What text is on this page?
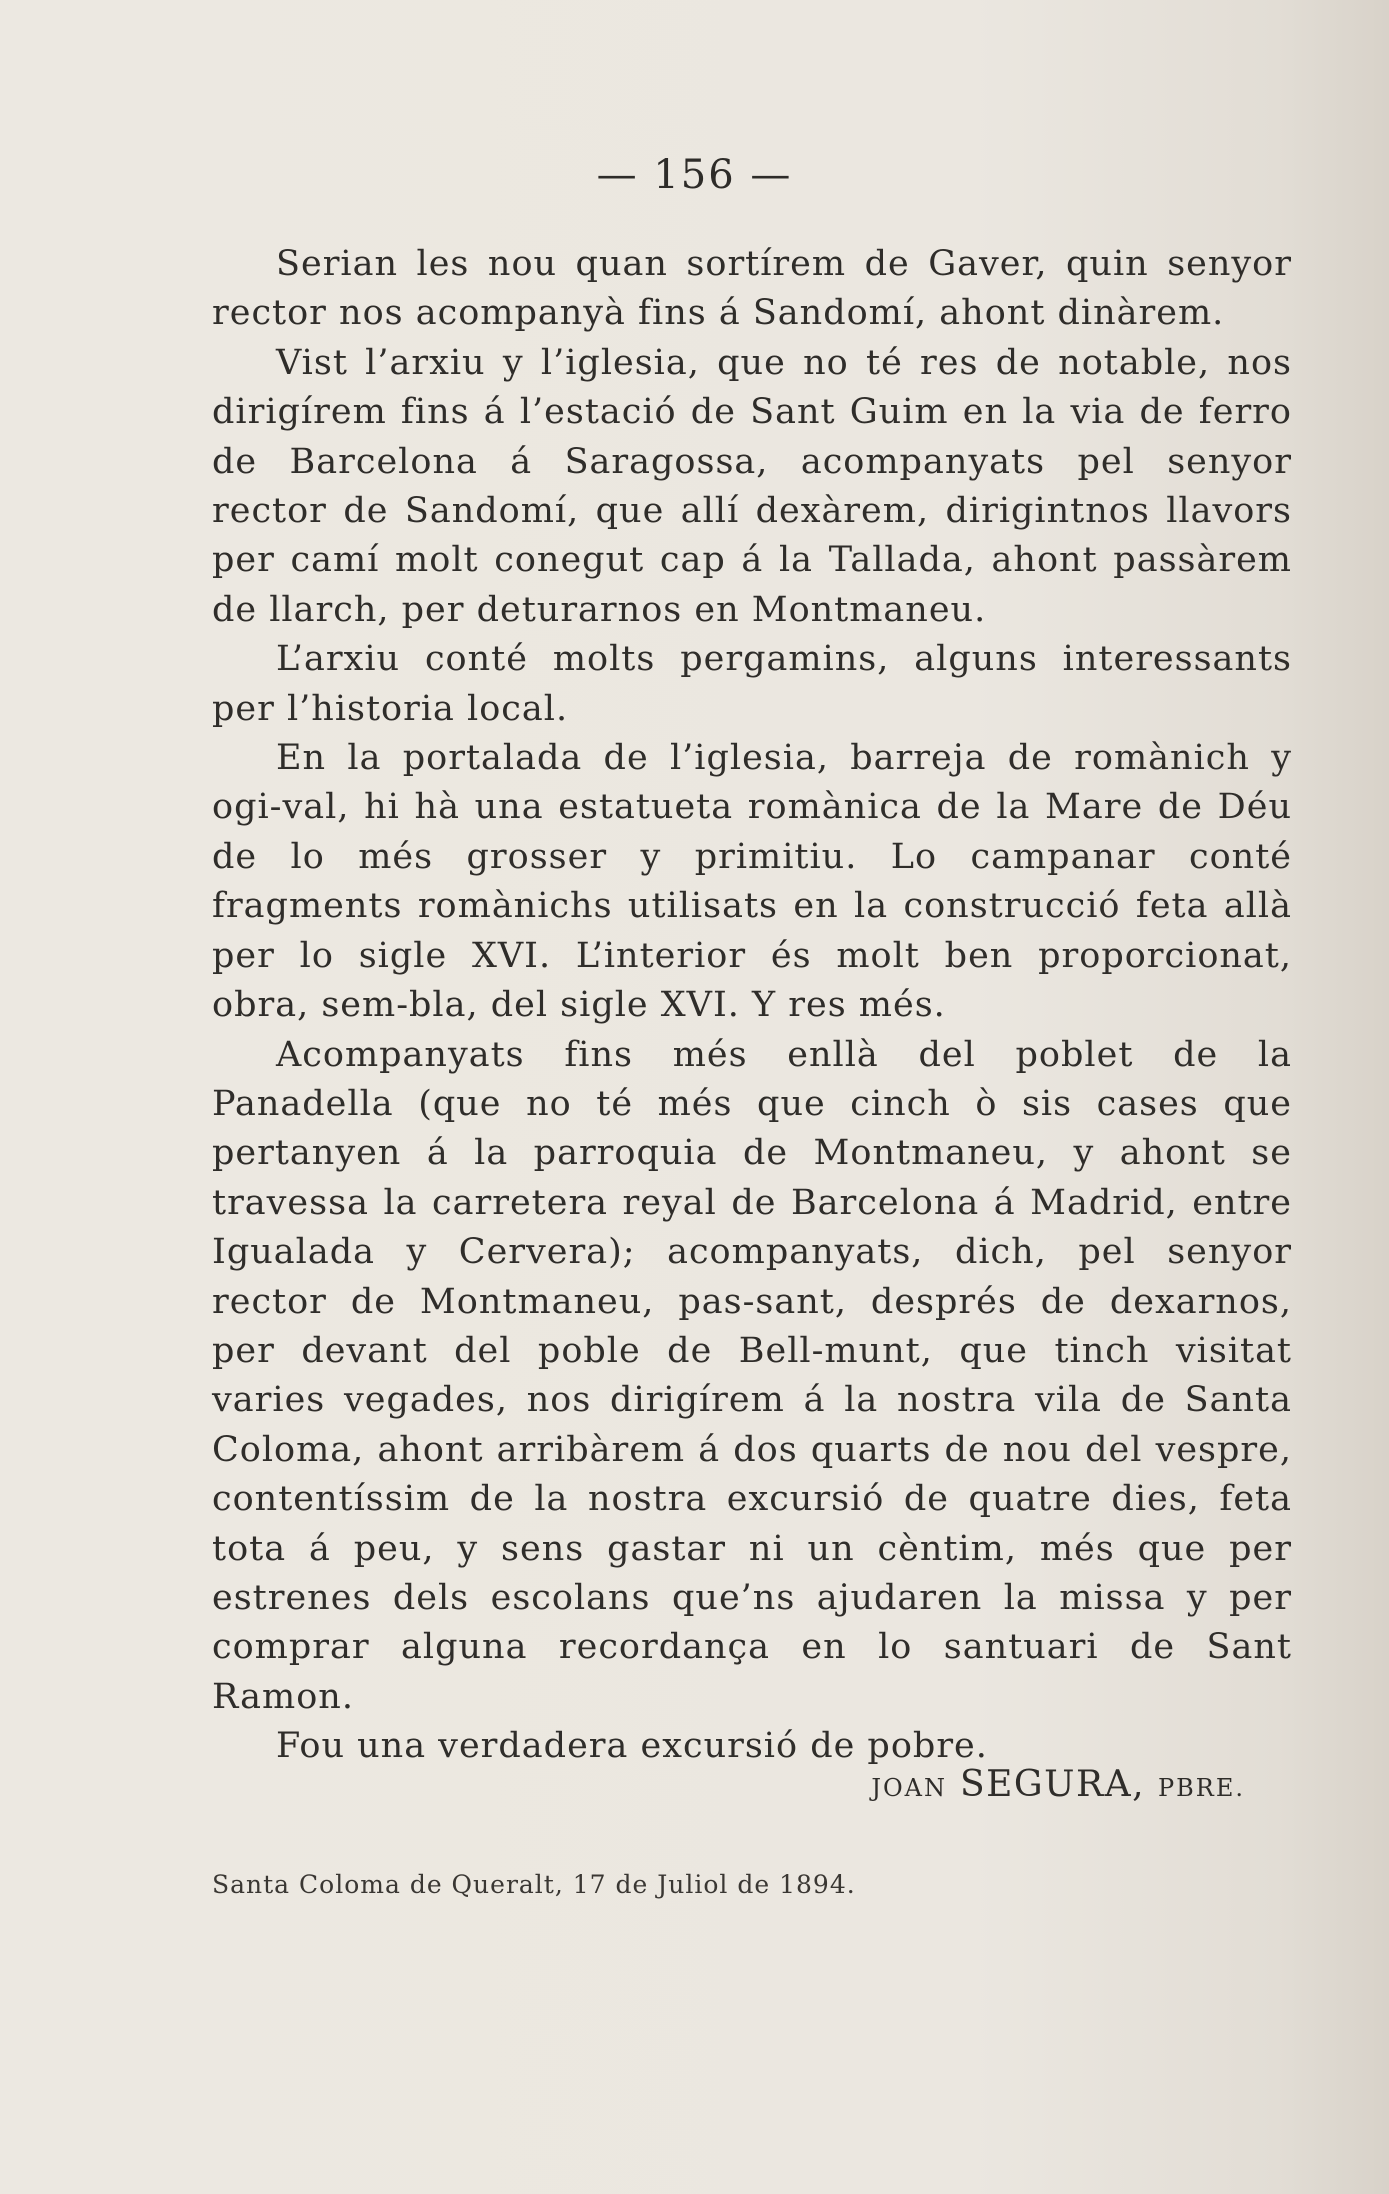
— 156 —

Serian les nou quan sortírem de Gaver, quin senyor rector nos acompanyà fins á Sandomí, ahont dinàrem.

Vist l’arxiu y l’iglesia, que no té res de notable, nos dirigírem fins á l’estació de Sant Guim en la via de ferro de Barcelona á Saragossa, acompanyats pel senyor rector de Sandomí, que allí dexàrem, dirigintnos llavors per camí molt conegut cap á la Tallada, ahont passàrem de llarch, per deturarnos en Montmaneu.

L’arxiu conté molts pergamins, alguns interessants per l’historia local.

En la portalada de l’iglesia, barreja de romànich y ogi-val, hi hà una estatueta romànica de la Mare de Déu de lo més grosser y primitiu. Lo campanar conté fragments romànichs utilisats en la construcció feta allà per lo sigle XVI. L’interior és molt ben proporcionat, obra, sem-bla, del sigle XVI. Y res més.

Acompanyats fins més enllà del poblet de la Panadella (que no té més que cinch ò sis cases que pertanyen á la parroquia de Montmaneu, y ahont se travessa la carretera reyal de Barcelona á Madrid, entre Igualada y Cervera); acompanyats, dich, pel senyor rector de Montmaneu, pas-sant, després de dexarnos, per devant del poble de Bell-munt, que tinch visitat varies vegades, nos dirigírem á la nostra vila de Santa Coloma, ahont arribàrem á dos quarts de nou del vespre, contentíssim de la nostra excursió de quatre dies, feta tota á peu, y sens gastar ni un cèntim, més que per estrenes dels escolans que’ns ajudaren la missa y per comprar alguna recordança en lo santuari de Sant Ramon.

Fou una verdadera excursió de pobre.

JOAN SEGURA, PBRE.
Santa Coloma de Queralt, 17 de Juliol de 1894.
